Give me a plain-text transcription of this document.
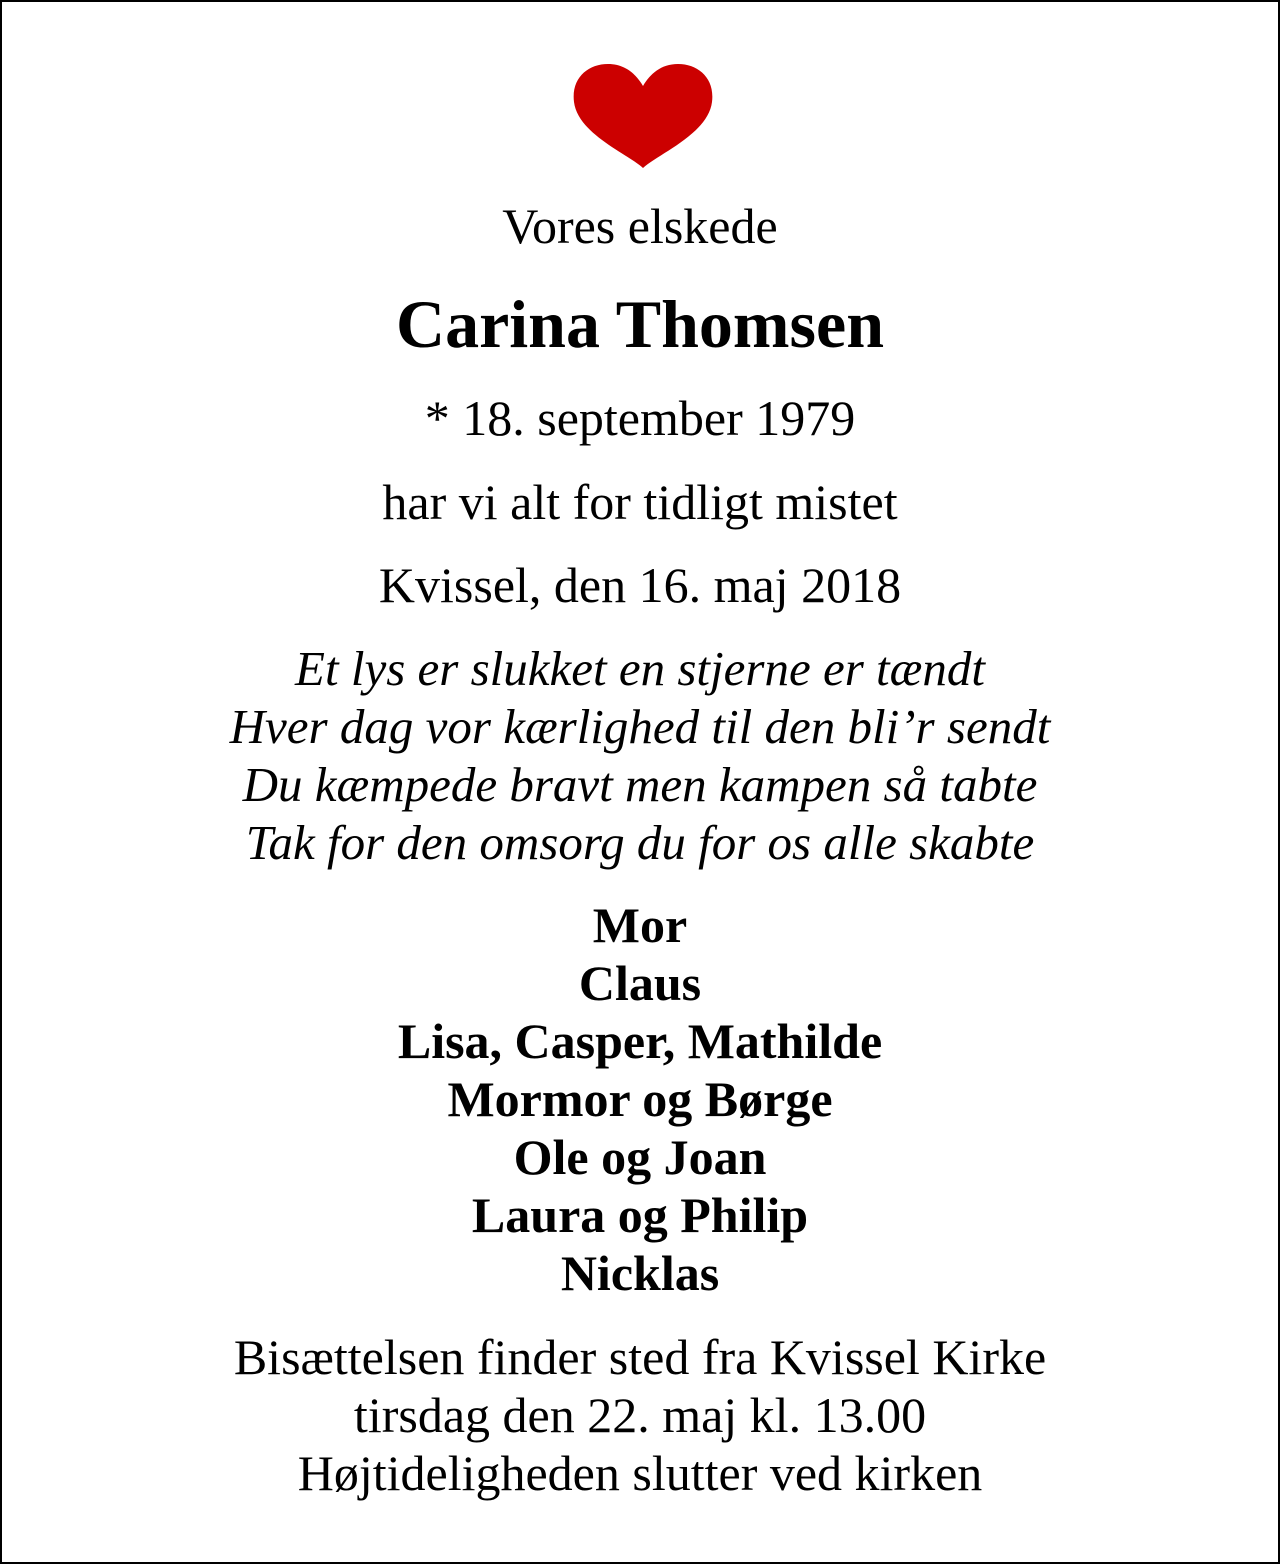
Vores elskede
Carina Thomsen
* 18. september 1979
har vi alt for tidligt mistet
Kvissel, den 16. maj 2018
Et lys er slukket en stjerne er tændt
Hver dag vor kærlighed til den bli’r sendt
Du kæmpede bravt men kampen så tabte
Tak for den omsorg du for os alle skabte
Mor
Claus
Lisa, Casper, Mathilde
Mormor og Børge
Ole og Joan
Laura og Philip
Nicklas
Bisættelsen finder sted fra Kvissel Kirke
tirsdag den 22. maj kl. 13.00
Højtideligheden slutter ved kirken
